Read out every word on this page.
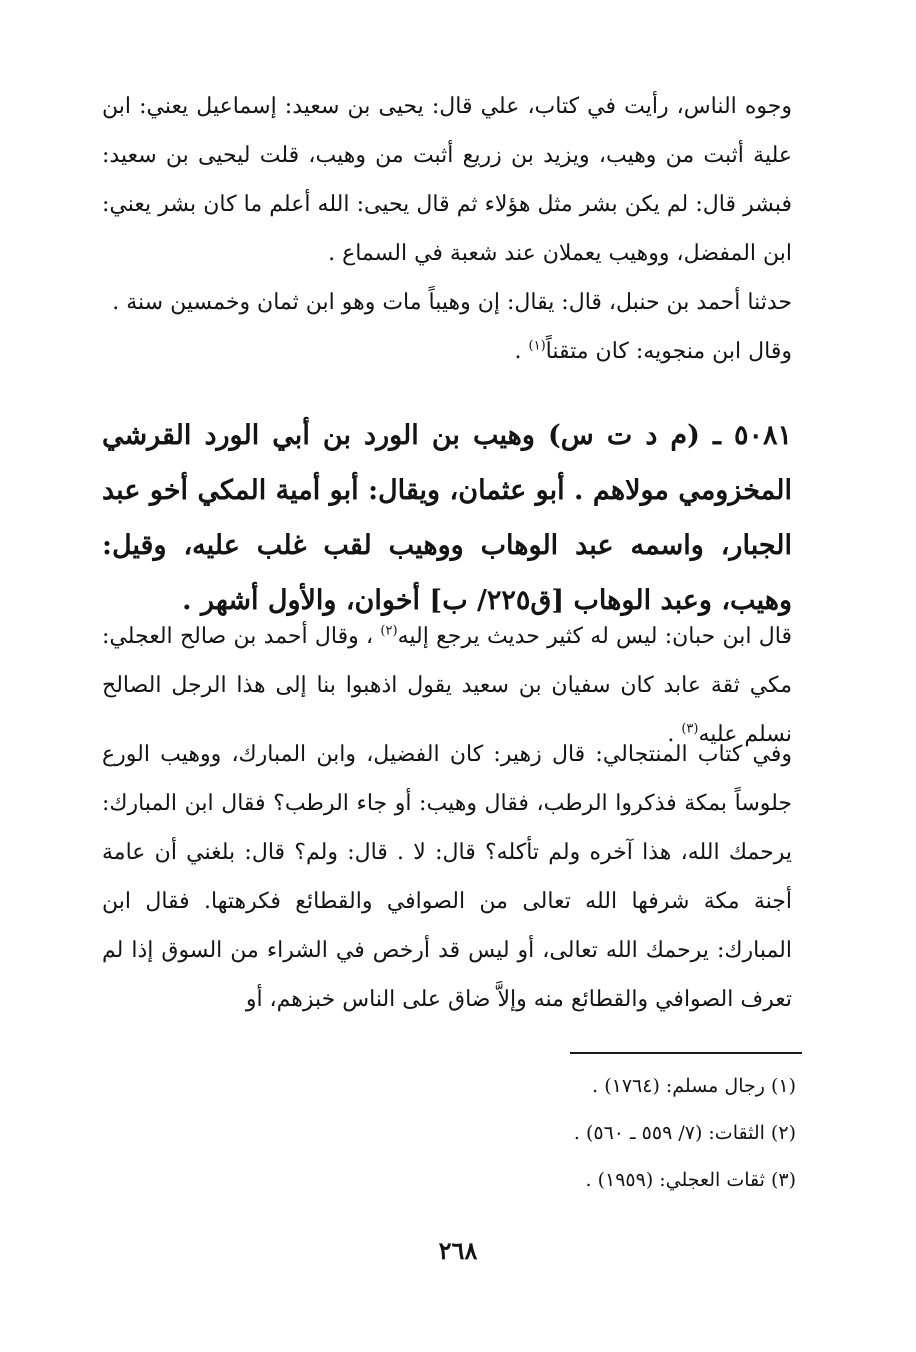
وجوه الناس، رأيت في كتاب، علي قال: يحيى بن سعيد: إسماعيل يعني: ابن علية أثبت من وهيب، ويزيد بن زريع أثبت من وهيب، قلت ليحيى بن سعيد: فبشر قال: لم يكن بشر مثل هؤلاء ثم قال يحيى: الله أعلم ما كان بشر يعني: ابن المفضل، ووهيب يعملان عند شعبة في السماع .

حدثنا أحمد بن حنبل، قال: يقال: إن وهيباً مات وهو ابن ثمان وخمسين سنة .

وقال ابن منجويه: كان متقناً$^{(١)}$ .

٥٠٨١ ـ (م د ت س) وهيب بن الورد بن أبي الورد القرشي المخزومي مولاهم . أبو عثمان، ويقال: أبو أمية المكي أخو عبد الجبار، واسمه عبد الوهاب ووهيب لقب غلب عليه، وقيل: وهيب، وعبد الوهاب [ق٢٢٥/ ب] أخوان، والأول أشهر .

قال ابن حبان: ليس له كثير حديث يرجع إليه$^{(٢)}$ ، وقال أحمد بن صالح العجلي: مكي ثقة عابد كان سفيان بن سعيد يقول اذهبوا بنا إلى هذا الرجل الصالح نسلم عليه$^{(٣)}$ .

وفي كتاب المنتجالي: قال زهير: كان الفضيل، وابن المبارك، ووهيب الورع جلوساً بمكة فذكروا الرطب، فقال وهيب: أو جاء الرطب؟ فقال ابن المبارك: يرحمك الله، هذا آخره ولم تأكله؟ قال: لا . قال: ولم؟ قال: بلغني أن عامة أجنة مكة شرفها الله تعالى من الصوافي والقطائع فكرهتها. فقال ابن المبارك: يرحمك الله تعالى، أو ليس قد أرخص في الشراء من السوق إذا لم تعرف الصوافي والقطائع منه وإلاَّ ضاق على الناس خبزهم، أو

(١) رجال مسلم: (١٧٦٤) .

(٢) الثقات: (٧/ ٥٥٩ ـ ٥٦٠) .

(٣) ثقات العجلي: (١٩٥٩) .

٢٦٨
